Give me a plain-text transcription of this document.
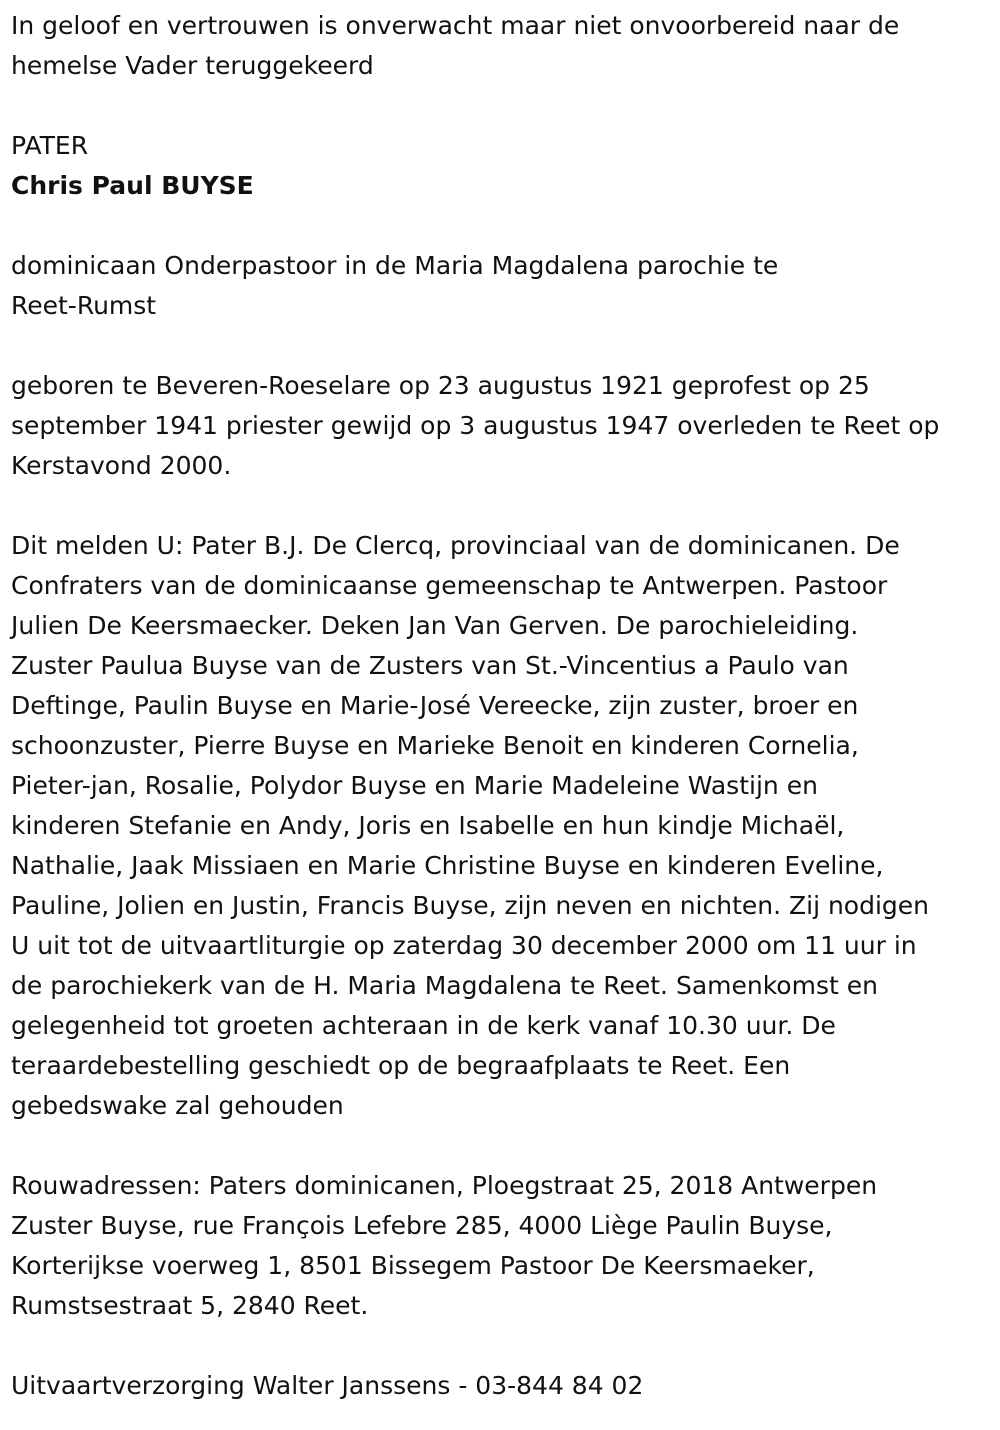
In geloof en vertrouwen is onverwacht maar niet onvoorbereid naar de
hemelse Vader teruggekeerd

PATER

Chris Paul BUYSE

dominicaan Onderpastoor in de Maria Magdalena parochie te
Reet-Rumst

geboren te Beveren-Roeselare op 23 augustus 1921 geprofest op 25
september 1941 priester gewijd op 3 augustus 1947 overleden te Reet op
Kerstavond 2000.

Dit melden U: Pater B.J. De Clercq, provinciaal van de dominicanen. De
Confraters van de dominicaanse gemeenschap te Antwerpen. Pastoor
Julien De Keersmaecker. Deken Jan Van Gerven. De parochieleiding.
Zuster Paulua Buyse van de Zusters van St.-Vincentius a Paulo van
Deftinge, Paulin Buyse en Marie-José Vereecke, zijn zuster, broer en
schoonzuster, Pierre Buyse en Marieke Benoit en kinderen Cornelia,
Pieter-jan, Rosalie, Polydor Buyse en Marie Madeleine Wastijn en
kinderen Stefanie en Andy, Joris en Isabelle en hun kindje Michaël,
Nathalie, Jaak Missiaen en Marie Christine Buyse en kinderen Eveline,
Pauline, Jolien en Justin, Francis Buyse, zijn neven en nichten. Zij nodigen
U uit tot de uitvaartliturgie op zaterdag 30 december 2000 om 11 uur in
de parochiekerk van de H. Maria Magdalena te Reet. Samenkomst en
gelegenheid tot groeten achteraan in de kerk vanaf 10.30 uur. De
teraardebestelling geschiedt op de begraafplaats te Reet. Een
gebedswake zal gehouden

Rouwadressen: Paters dominicanen, Ploegstraat 25, 2018 Antwerpen
Zuster Buyse, rue François Lefebre 285, 4000 Liège Paulin Buyse,
Korterijkse voerweg 1, 8501 Bissegem Pastoor De Keersmaeker,
Rumstsestraat 5, 2840 Reet.

Uitvaartverzorging Walter Janssens - 03-844 84 02
